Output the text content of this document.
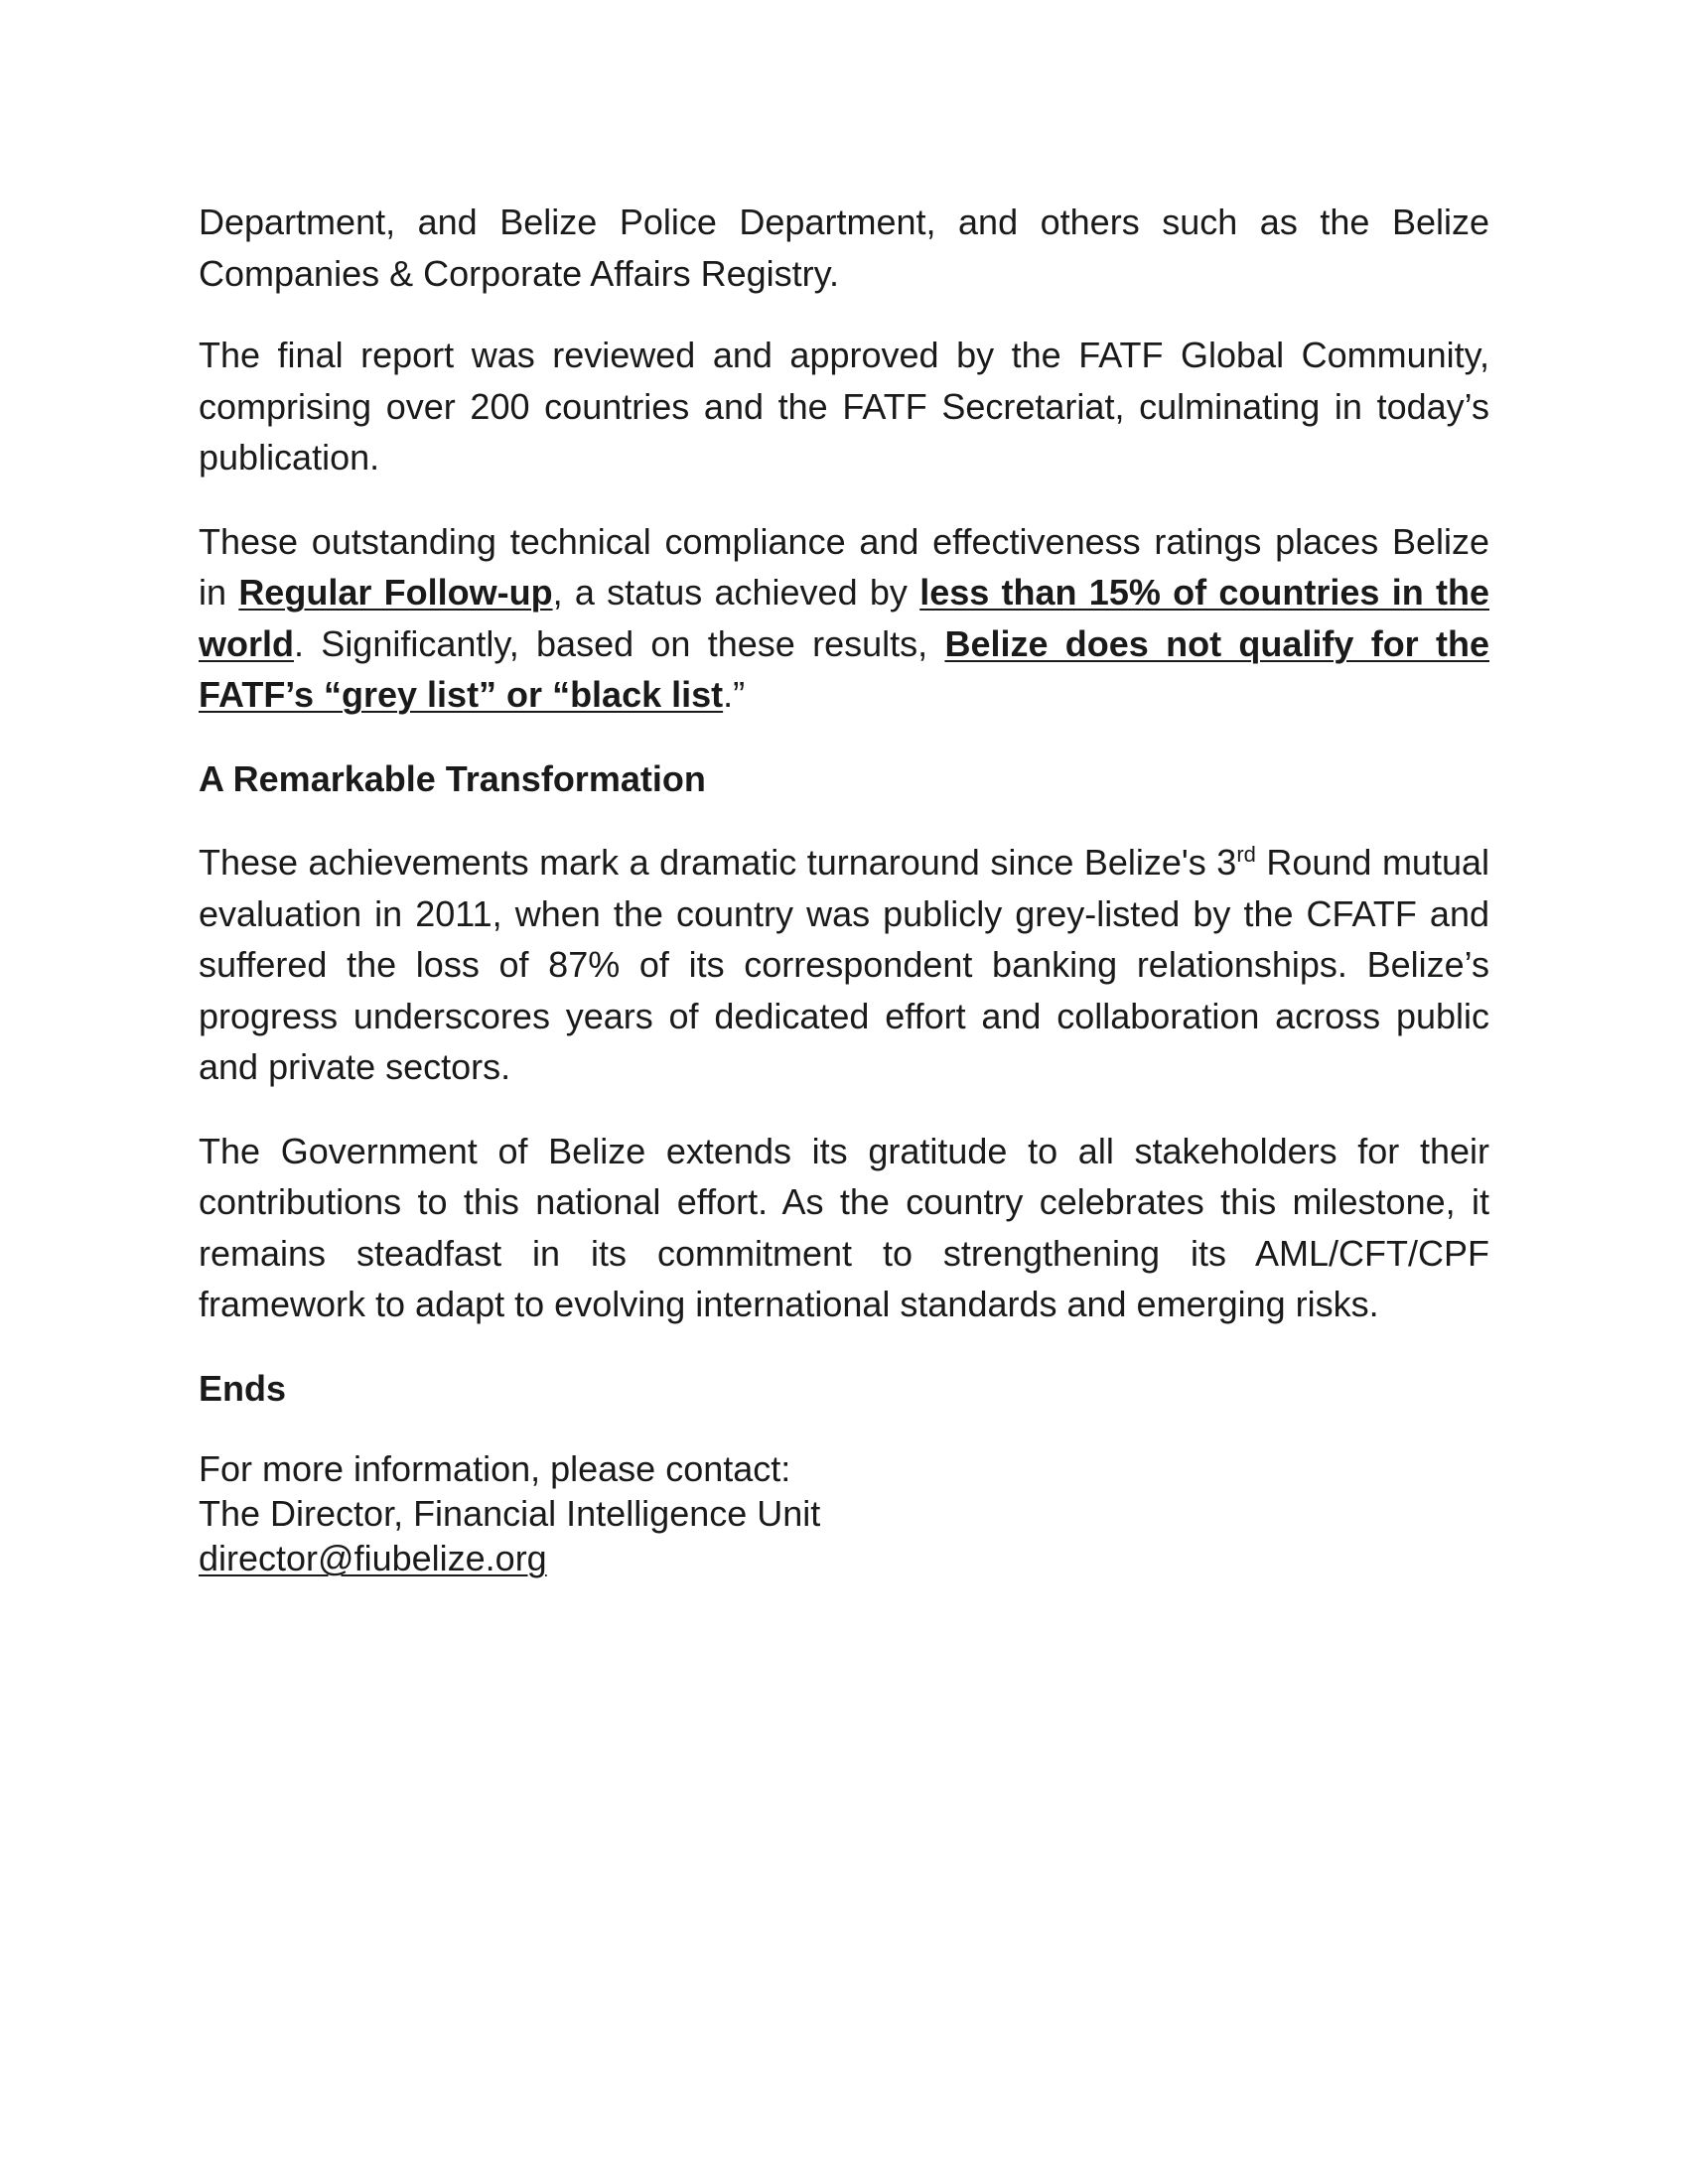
Department, and Belize Police Department, and others such as the Belize Companies & Corporate Affairs Registry.

The final report was reviewed and approved by the FATF Global Community, comprising over 200 countries and the FATF Secretariat, culminating in today’s publication.

These outstanding technical compliance and effectiveness ratings places Belize in Regular Follow-up, a status achieved by less than 15% of countries in the world. Significantly, based on these results, Belize does not qualify for the FATF’s “grey list” or “black list.”

A Remarkable Transformation

These achievements mark a dramatic turnaround since Belize's 3rd Round mutual evaluation in 2011, when the country was publicly grey-listed by the CFATF and suffered the loss of 87% of its correspondent banking relationships. Belize’s progress underscores years of dedicated effort and collaboration across public and private sectors.

The Government of Belize extends its gratitude to all stakeholders for their contributions to this national effort. As the country celebrates this milestone, it remains steadfast in its commitment to strengthening its AML/CFT/CPF framework to adapt to evolving international standards and emerging risks.

Ends

For more information, please contact:
The Director, Financial Intelligence Unit
director@fiubelize.org
